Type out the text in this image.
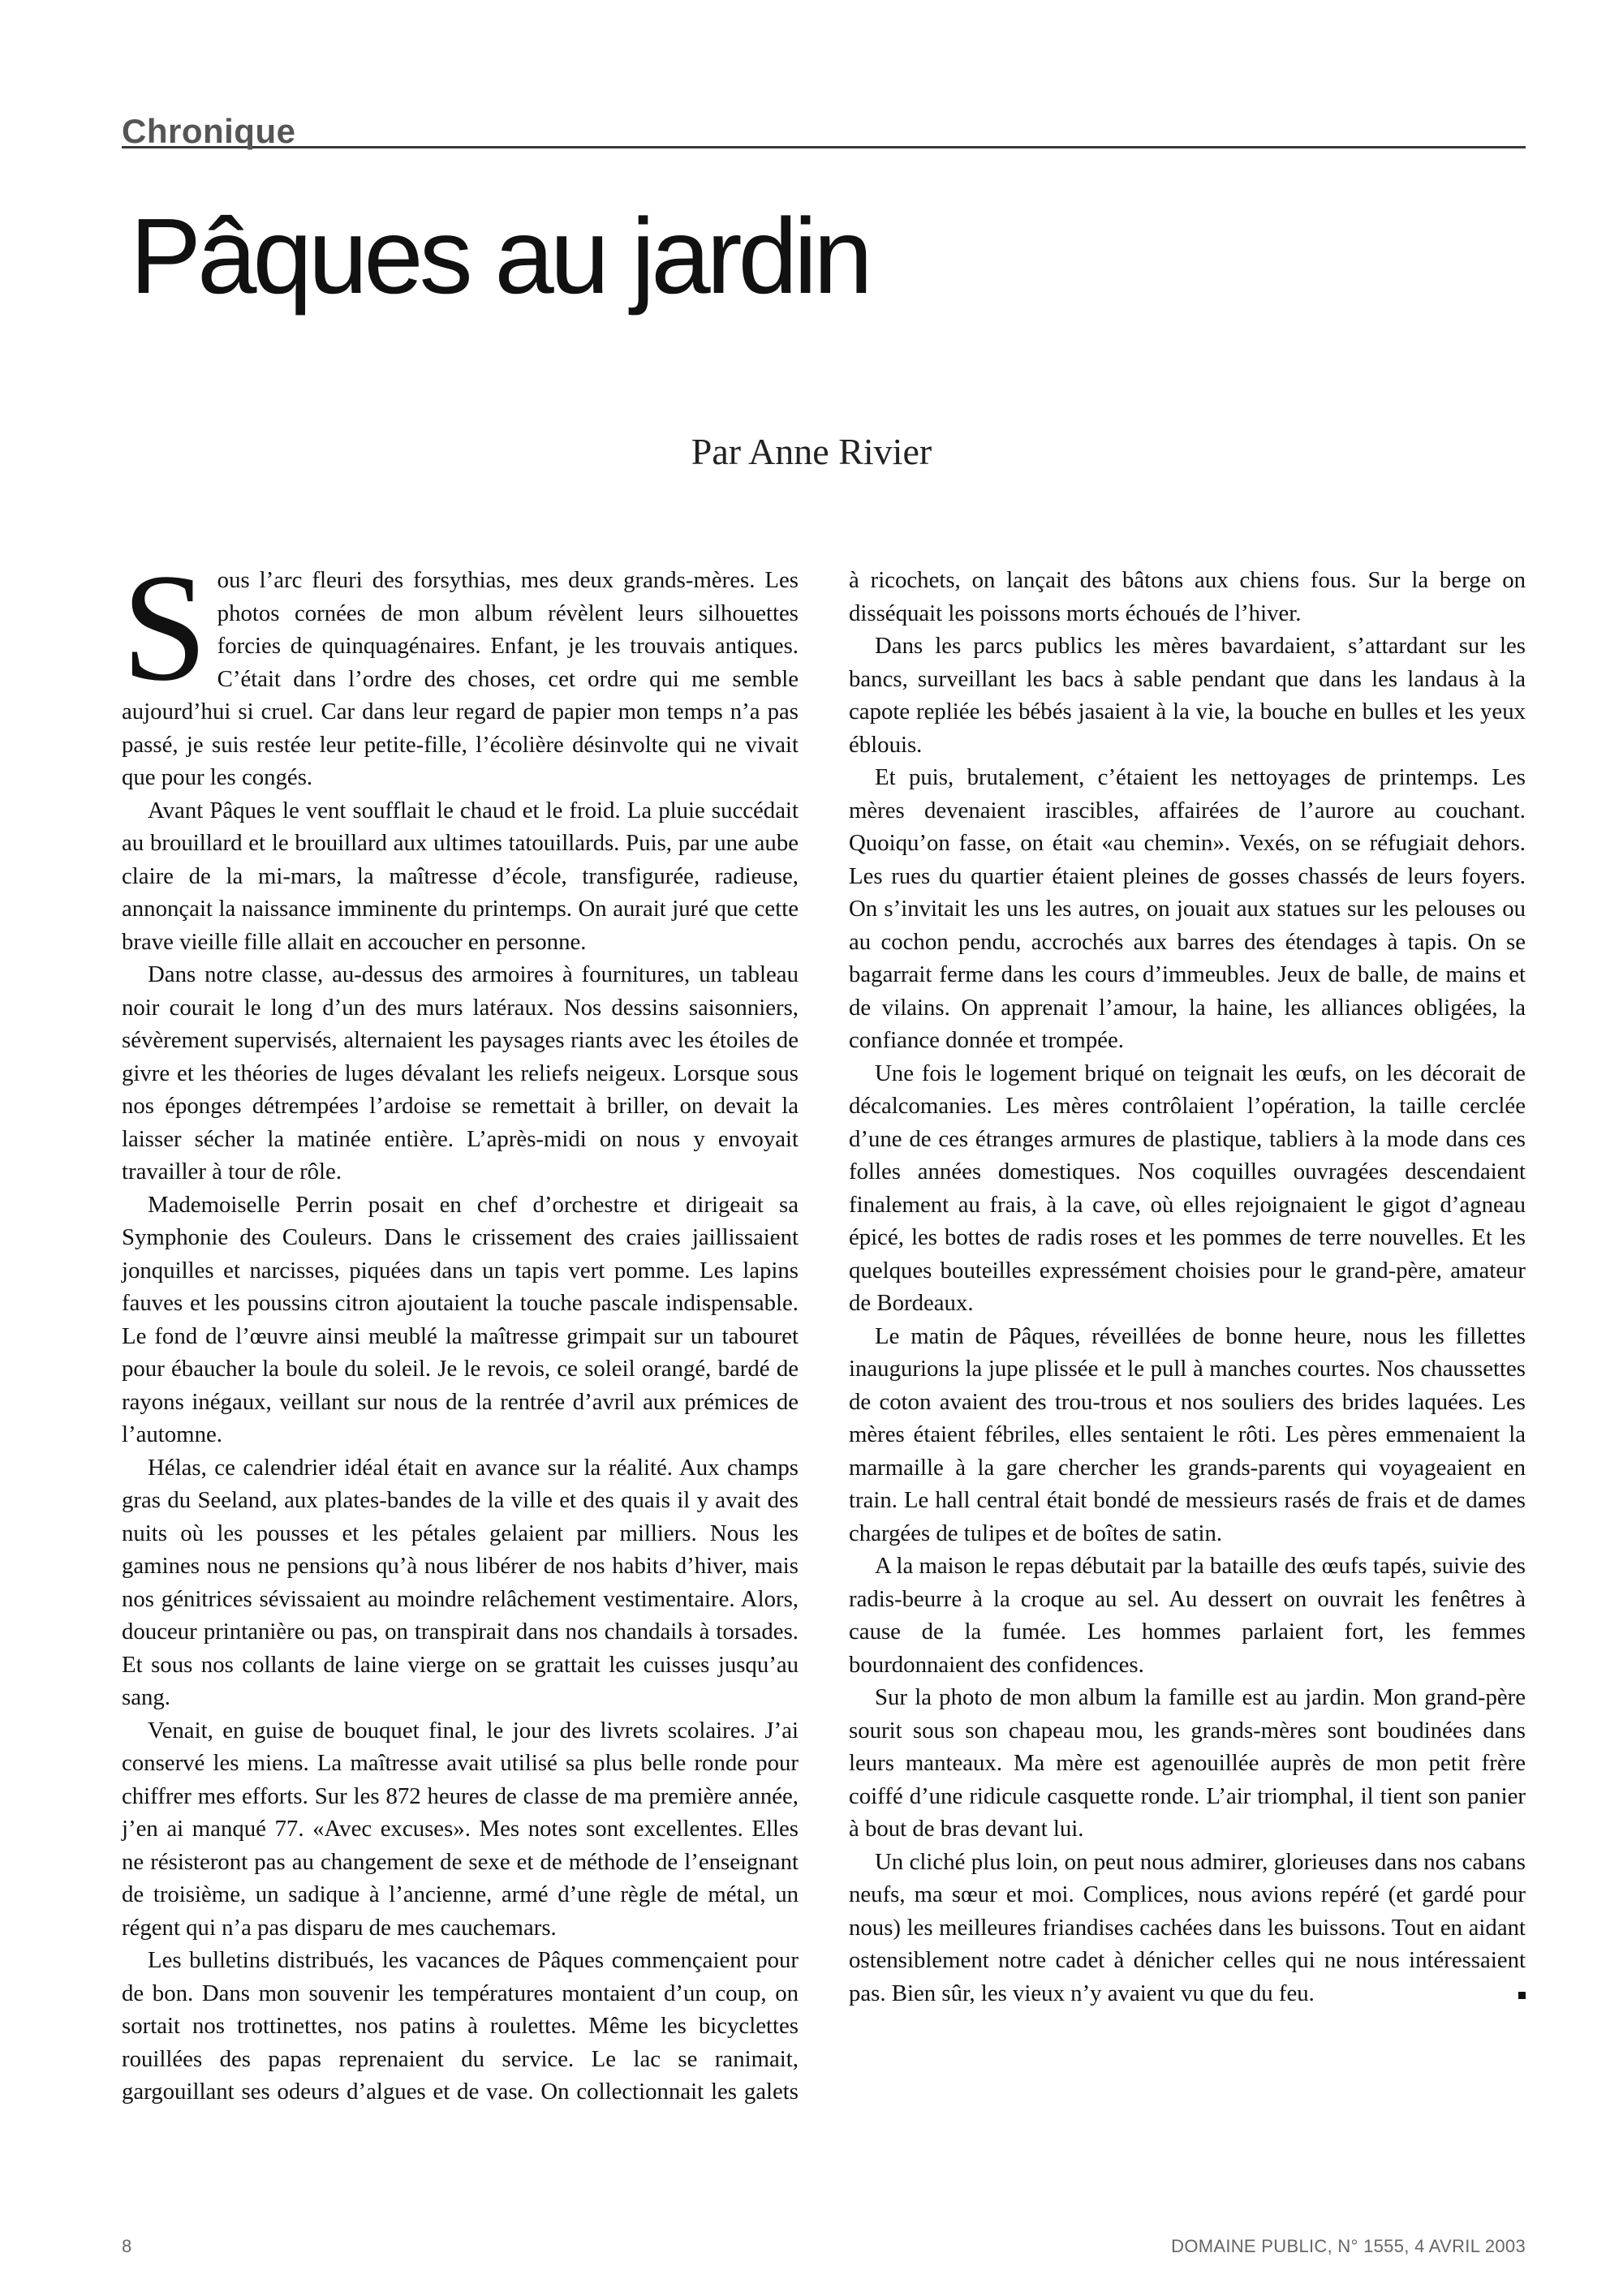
Chronique
Pâques au jardin
Par Anne Rivier

Sous l’arc fleuri des forsythias, mes deux grands-mères. Les photos cornées de mon album révèlent leurs silhouettes forcies de quinquagénaires. Enfant, je les trouvais antiques. C’était dans l’ordre des choses, cet ordre qui me semble aujourd’hui si cruel. Car dans leur regard de papier mon temps n’a pas passé, je suis restée leur petite-fille, l’écolière désinvolte qui ne vivait que pour les congés.

Avant Pâques le vent soufflait le chaud et le froid. La pluie succédait au brouillard et le brouillard aux ultimes tatouillards. Puis, par une aube claire de la mi-mars, la maîtresse d’école, transfigurée, radieuse, annonçait la naissance imminente du printemps. On aurait juré que cette brave vieille fille allait en accoucher en personne.

Dans notre classe, au-dessus des armoires à fournitures, un tableau noir courait le long d’un des murs latéraux. Nos dessins saisonniers, sévèrement supervisés, alternaient les paysages riants avec les étoiles de givre et les théories de luges dévalant les reliefs neigeux. Lorsque sous nos éponges détrempées l’ardoise se remettait à briller, on devait la laisser sécher la matinée entière. L’après-midi on nous y envoyait travailler à tour de rôle.

Mademoiselle Perrin posait en chef d’orchestre et dirigeait sa Symphonie des Couleurs. Dans le crissement des craies jaillissaient jonquilles et narcisses, piquées dans un tapis vert pomme. Les lapins fauves et les poussins citron ajoutaient la touche pascale indispensable. Le fond de l’œuvre ainsi meublé la maîtresse grimpait sur un tabouret pour ébaucher la boule du soleil. Je le revois, ce soleil orangé, bardé de rayons inégaux, veillant sur nous de la rentrée d’avril aux prémices de l’automne.

Hélas, ce calendrier idéal était en avance sur la réalité. Aux champs gras du Seeland, aux plates-bandes de la ville et des quais il y avait des nuits où les pousses et les pétales gelaient par milliers. Nous les gamines nous ne pensions qu’à nous libérer de nos habits d’hiver, mais nos génitrices sévissaient au moindre relâchement vestimentaire. Alors, douceur printanière ou pas, on transpirait dans nos chandails à torsades. Et sous nos collants de laine vierge on se grattait les cuisses jusqu’au sang.

Venait, en guise de bouquet final, le jour des livrets scolaires. J’ai conservé les miens. La maîtresse avait utilisé sa plus belle ronde pour chiffrer mes efforts. Sur les 872 heures de classe de ma première année, j’en ai manqué 77. «Avec excuses». Mes notes sont excellentes. Elles ne résisteront pas au changement de sexe et de méthode de l’enseignant de troisième, un sadique à l’ancienne, armé d’une règle de métal, un régent qui n’a pas disparu de mes cauchemars.

Les bulletins distribués, les vacances de Pâques commençaient pour de bon. Dans mon souvenir les températures montaient d’un coup, on sortait nos trottinettes, nos patins à roulettes. Même les bicyclettes rouillées des papas reprenaient du service. Le lac se ranimait, gargouillant ses odeurs d’algues et de vase. On collectionnait les galets à ricochets, on lançait des bâtons aux chiens fous. Sur la berge on disséquait les poissons morts échoués de l’hiver.

Dans les parcs publics les mères bavardaient, s’attardant sur les bancs, surveillant les bacs à sable pendant que dans les landaus à la capote repliée les bébés jasaient à la vie, la bouche en bulles et les yeux éblouis.

Et puis, brutalement, c’étaient les nettoyages de printemps. Les mères devenaient irascibles, affairées de l’aurore au couchant. Quoiqu’on fasse, on était «au chemin». Vexés, on se réfugiait dehors. Les rues du quartier étaient pleines de gosses chassés de leurs foyers. On s’invitait les uns les autres, on jouait aux statues sur les pelouses ou au cochon pendu, accrochés aux barres des étendages à tapis. On se bagarrait ferme dans les cours d’immeubles. Jeux de balle, de mains et de vilains. On apprenait l’amour, la haine, les alliances obligées, la confiance donnée et trompée.

Une fois le logement briqué on teignait les œufs, on les décorait de décalcomanies. Les mères contrôlaient l’opération, la taille cerclée d’une de ces étranges armures de plastique, tabliers à la mode dans ces folles années domestiques. Nos coquilles ouvragées descendaient finalement au frais, à la cave, où elles rejoignaient le gigot d’agneau épicé, les bottes de radis roses et les pommes de terre nouvelles. Et les quelques bouteilles expressément choisies pour le grand-père, amateur de Bordeaux.

Le matin de Pâques, réveillées de bonne heure, nous les fillettes inaugurions la jupe plissée et le pull à manches courtes. Nos chaussettes de coton avaient des trou-trous et nos souliers des brides laquées. Les mères étaient fébriles, elles sentaient le rôti. Les pères emmenaient la marmaille à la gare chercher les grands-parents qui voyageaient en train. Le hall central était bondé de messieurs rasés de frais et de dames chargées de tulipes et de boîtes de satin.

A la maison le repas débutait par la bataille des œufs tapés, suivie des radis-beurre à la croque au sel. Au dessert on ouvrait les fenêtres à cause de la fumée. Les hommes parlaient fort, les femmes bourdonnaient des confidences.

Sur la photo de mon album la famille est au jardin. Mon grand-père sourit sous son chapeau mou, les grands-mères sont boudinées dans leurs manteaux. Ma mère est agenouillée auprès de mon petit frère coiffé d’une ridicule casquette ronde. L’air triomphal, il tient son panier à bout de bras devant lui.

Un cliché plus loin, on peut nous admirer, glorieuses dans nos cabans neufs, ma sœur et moi. Complices, nous avions repéré (et gardé pour nous) les meilleures friandises cachées dans les buissons. Tout en aidant ostensiblement notre cadet à dénicher celles qui ne nous intéressaient pas. Bien sûr, les vieux n’y avaient vu que du feu.

8	DOMAINE PUBLIC, N° 1555, 4 AVRIL 2003
